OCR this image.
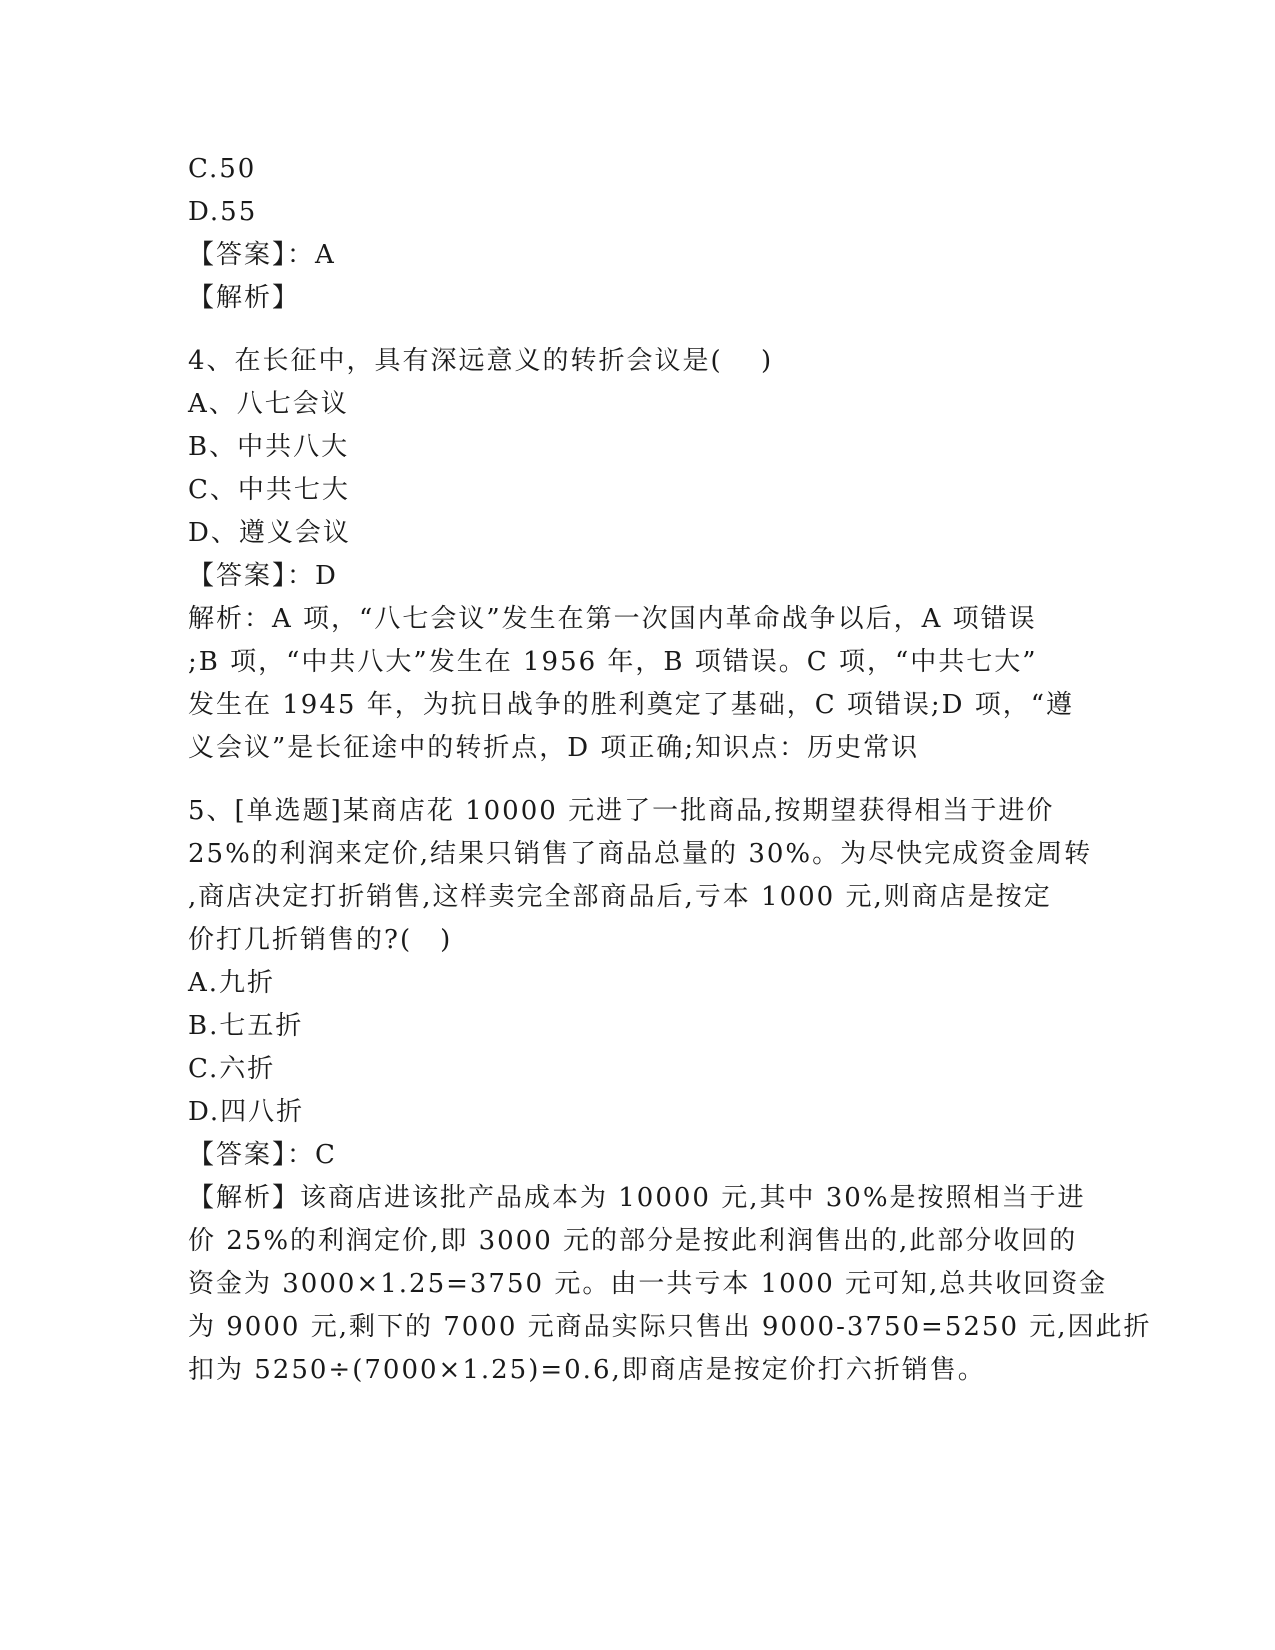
C.50
D.55
【答案】：A
【解析】
4、在长征中，具有深远意义的转折会议是(　 )
A、八七会议
B、中共八大
C、中共七大
D、遵义会议
【答案】：D
解析：A 项，“八七会议”发生在第一次国内革命战争以后，A 项错误
;B 项，“中共八大”发生在 1956 年，B 项错误。C 项，“中共七大”
发生在 1945 年，为抗日战争的胜利奠定了基础，C 项错误;D 项，“遵
义会议”是长征途中的转折点，D 项正确;知识点：历史常识
5、[单选题]某商店花 10000 元进了一批商品,按期望获得相当于进价
25%的利润来定价,结果只销售了商品总量的 30%。为尽快完成资金周转
,商店决定打折销售,这样卖完全部商品后,亏本 1000 元,则商店是按定
价打几折销售的?(　)
A.九折
B.七五折
C.六折
D.四八折
【答案】：C
【解析】该商店进该批产品成本为 10000 元,其中 30%是按照相当于进
价 25%的利润定价,即 3000 元的部分是按此利润售出的,此部分收回的
资金为 3000×1.25=3750 元。由一共亏本 1000 元可知,总共收回资金
为 9000 元,剩下的 7000 元商品实际只售出 9000-3750=5250 元,因此折
扣为 5250÷(7000×1.25)=0.6,即商店是按定价打六折销售。
